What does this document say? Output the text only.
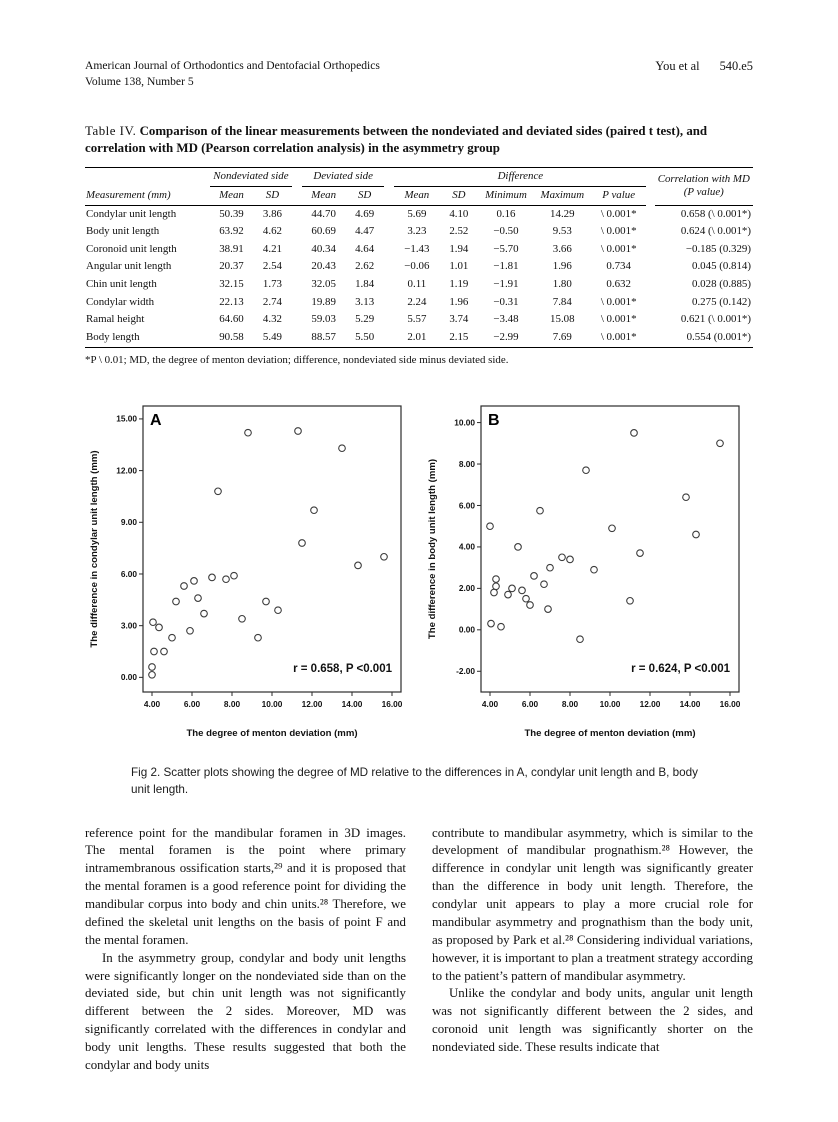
American Journal of Orthodontics and Dentofacial Orthopedics
Volume 138, Number 5
You et al 540.e5

Table IV. Comparison of the linear measurements between the nondeviated and deviated sides (paired t test), and correlation with MD (Pearson correlation analysis) in the asymmetry group

	Nondeviated side			Deviated side			Difference						Correlation with MD (P value)
Measurement (mm)	Mean	SD		Mean	SD		Mean	SD	Minimum	Maximum	P value		
Condylar unit length	50.39	3.86		44.70	4.69		5.69	4.10	0.16	14.29	\ 0.001*		0.658 (\ 0.001*)
Body unit length	63.92	4.62		60.69	4.47		3.23	2.52	−0.50	9.53	\ 0.001*		0.624 (\ 0.001*)
Coronoid unit length	38.91	4.21		40.34	4.64		−1.43	1.94	−5.70	3.66	\ 0.001*		−0.185 (0.329)
Angular unit length	20.37	2.54		20.43	2.62		−0.06	1.01	−1.81	1.96	0.734		0.045 (0.814)
Chin unit length	32.15	1.73		32.05	1.84		0.11	1.19	−1.91	1.80	0.632		0.028 (0.885)
Condylar width	22.13	2.74		19.89	3.13		2.24	1.96	−0.31	7.84	\ 0.001*		0.275 (0.142)
Ramal height	64.60	4.32		59.03	5.29		5.57	3.74	−3.48	15.08	\ 0.001*		0.621 (\ 0.001*)
Body length	90.58	5.49		88.57	5.50		2.01	2.15	−2.99	7.69	\ 0.001*		0.554 (0.001*)

*P \ 0.01; MD, the degree of menton deviation; difference, nondeviated side minus deviated side.

4.00	6.00	8.00	10.00 12.00 14.00 16.00
0.00
3.00
6.00
9.00
12.00
15.00
The degree of menton deviation (mm)
The difference in condylar unit length (mm)
A
r = 0.658, P <0.001
4.00	6.00	8.00	10.00 12.00 14.00 16.00
-2.00
0.00
2.00
4.00
6.00
8.00
10.00
The degree of menton deviation (mm)
The difference in body unit length (mm)
B
r = 0.624, P <0.001
Fig 2. Scatter plots showing the degree of MD relative to the differences in A, condylar unit length and B, body unit length.

reference point for the mandibular foramen in 3D images. The mental foramen is the point where primary intramembranous ossification starts,²⁹ and it is proposed that the mental foramen is a good reference point for dividing the mandibular corpus into body and chin units.²⁸ Therefore, we defined the skeletal unit lengths on the basis of point F and the mental foramen.

In the asymmetry group, condylar and body unit lengths were significantly longer on the nondeviated side than on the deviated side, but chin unit length was not significantly different between the 2 sides. Moreover, MD was significantly correlated with the differences in condylar and body unit lengths. These results suggested that both the condylar and body units

contribute to mandibular asymmetry, which is similar to the development of mandibular prognathism.²⁸ However, the difference in condylar unit length was significantly greater than the difference in body unit length. Therefore, the condylar unit appears to play a more crucial role for mandibular asymmetry and prognathism than the body unit, as proposed by Park et al.²⁸ Considering individual variations, however, it is important to plan a treatment strategy according to the patient’s pattern of mandibular asymmetry.

Unlike the condylar and body units, angular unit length was not significantly different between the 2 sides, and coronoid unit length was significantly shorter on the nondeviated side. These results indicate that
